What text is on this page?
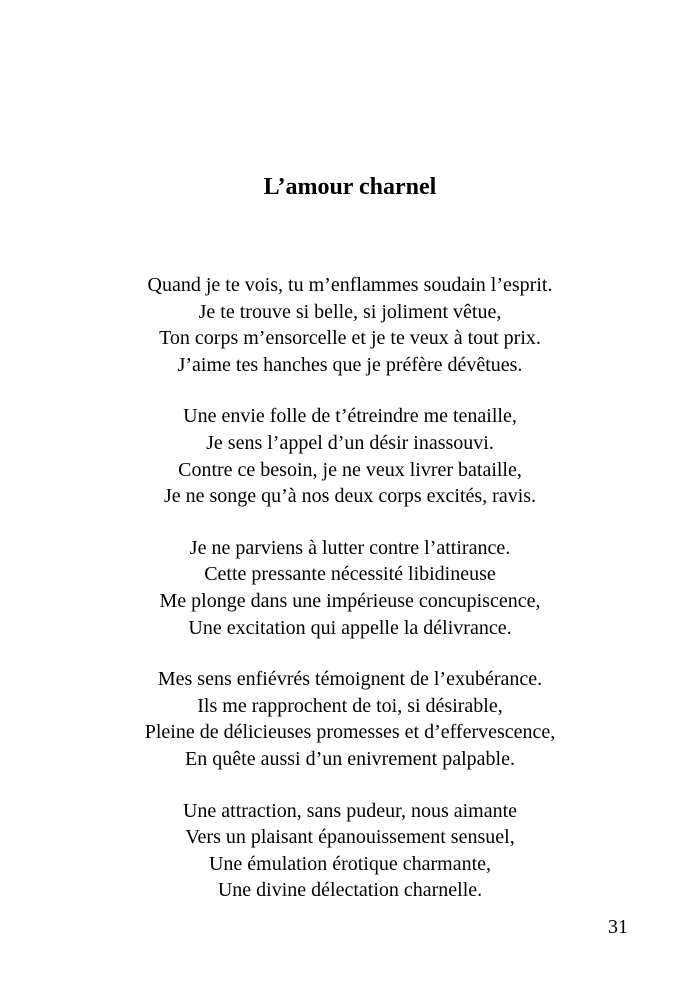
L’amour charnel
Quand je te vois, tu m’enflammes soudain l’esprit.
Je te trouve si belle, si joliment vêtue,
Ton corps m’ensorcelle et je te veux à tout prix.
J’aime tes hanches que je préfère dévêtues.
Une envie folle de t’étreindre me tenaille,
Je sens l’appel d’un désir inassouvi.
Contre ce besoin, je ne veux livrer bataille,
Je ne songe qu’à nos deux corps excités, ravis.
Je ne parviens à lutter contre l’attirance.
Cette pressante nécessité libidineuse
Me plonge dans une impérieuse concupiscence,
Une excitation qui appelle la délivrance.
Mes sens enfiévrés témoignent de l’exubérance.
Ils me rapprochent de toi, si désirable,
Pleine de délicieuses promesses et d’effervescence,
En quête aussi d’un enivrement palpable.
Une attraction, sans pudeur, nous aimante
Vers un plaisant épanouissement sensuel,
Une émulation érotique charmante,
Une divine délectation charnelle.
31
